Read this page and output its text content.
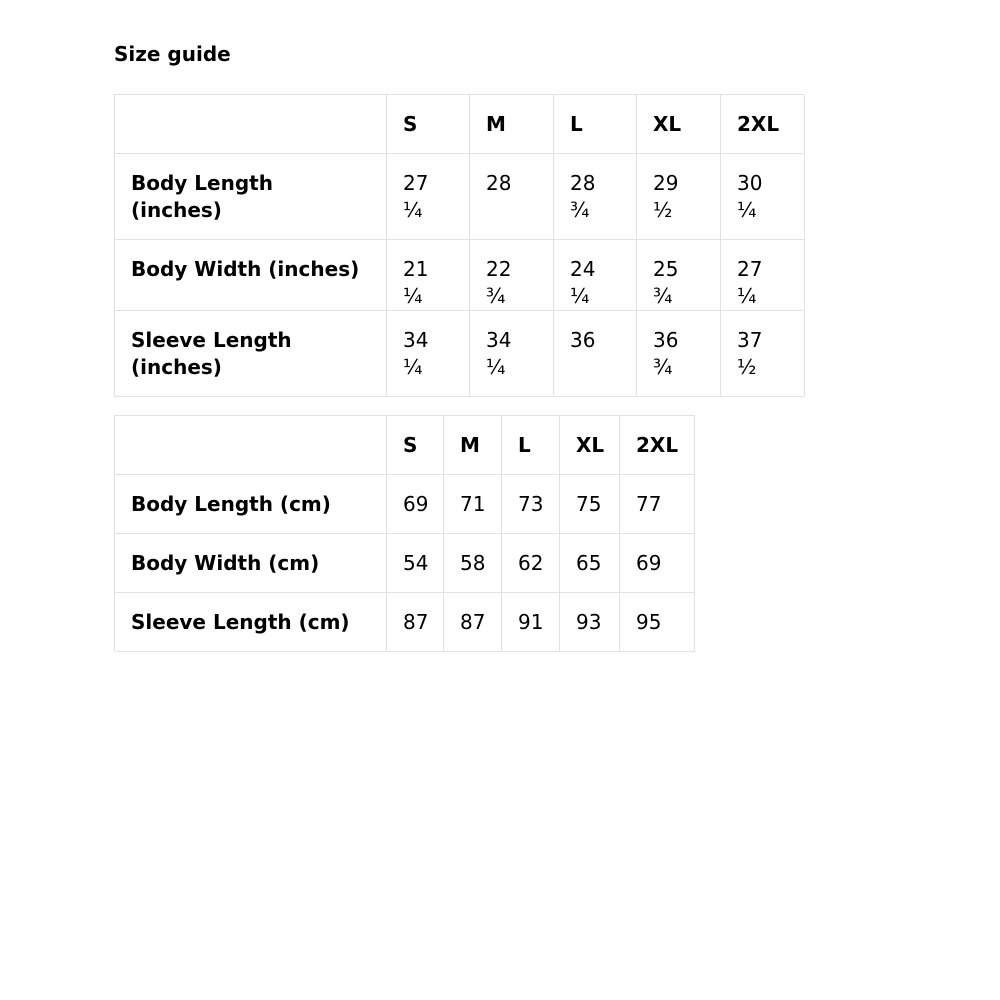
Size guide
	S	M	L	XL	2XL
Body Length (inches)	27 ¼	28	28 ¾	29 ½	30 ¼
Body Width (inches)	21 ¼	22 ¾	24 ¼	25 ¾	27 ¼
Sleeve Length (inches)	34 ¼	34 ¼	36	36 ¾	37 ½
	S	M	L	XL	2XL
Body Length (cm)	69	71	73	75	77
Body Width (cm)	54	58	62	65	69
Sleeve Length (cm)	87	87	91	93	95
